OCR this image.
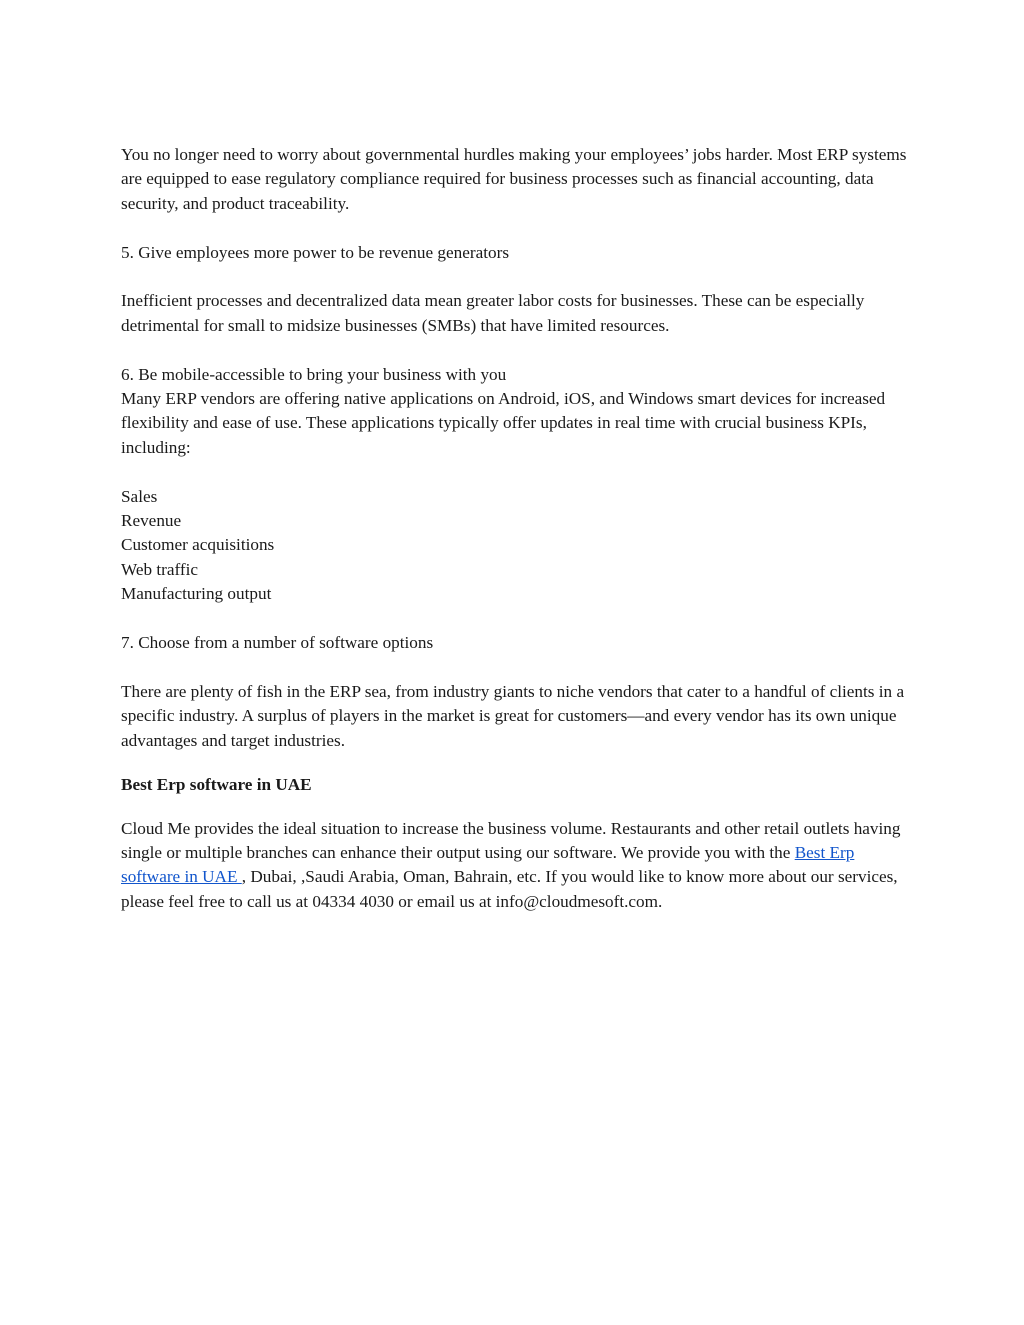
You no longer need to worry about governmental hurdles making your employees’ jobs harder. Most ERP systems are equipped to ease regulatory compliance required for business processes such as financial accounting, data security, and product traceability.

5. Give employees more power to be revenue generators

Inefficient processes and decentralized data mean greater labor costs for businesses. These can be especially detrimental for small to midsize businesses (SMBs) that have limited resources.

6. Be mobile-accessible to bring your business with you

Many ERP vendors are offering native applications on Android, iOS, and Windows smart devices for increased flexibility and ease of use. These applications typically offer updates in real time with crucial business KPIs, including:

Sales
Revenue
Customer acquisitions
Web traffic
Manufacturing output

7. Choose from a number of software options

There are plenty of fish in the ERP sea, from industry giants to niche vendors that cater to a handful of clients in a specific industry. A surplus of players in the market is great for customers—and every vendor has its own unique advantages and target industries.

Best Erp software in UAE

Cloud Me provides the ideal situation to increase the business volume. Restaurants and other retail outlets having single or multiple branches can enhance their output using our software. We provide you with the Best Erp software in UAE , Dubai, ,Saudi Arabia, Oman, Bahrain, etc. If you would like to know more about our services, please feel free to call us at 04334 4030 or email us at info@cloudmesoft.com.
